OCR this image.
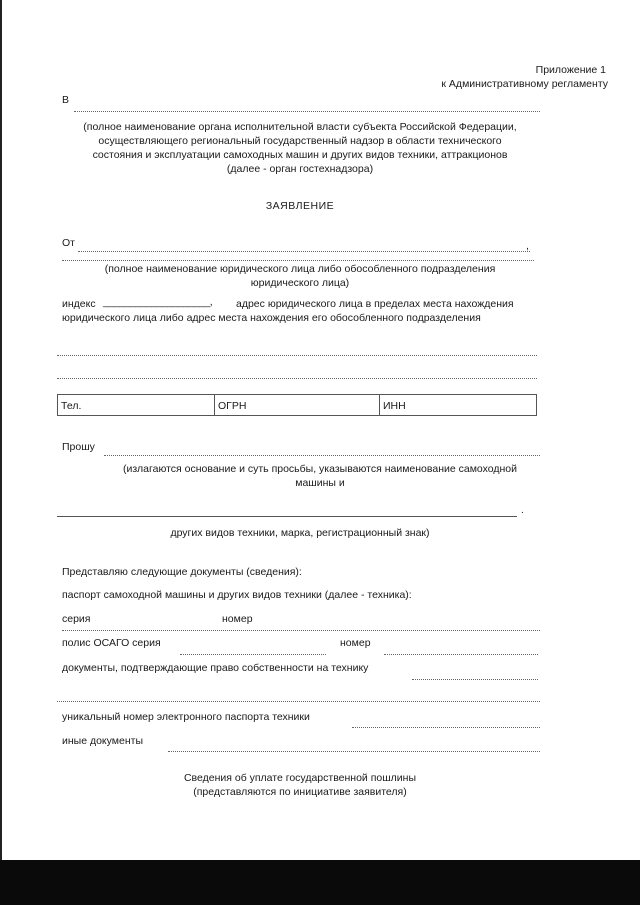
Приложение 1
к Административному регламенту
В
(полное наименование органа исполнительной власти субъекта Российской Федерации,
осуществляющего региональный государственный надзор в области технического
состояния и эксплуатации самоходных машин и других видов техники, аттракционов
(далее - орган гостехнадзора)
ЗАЯВЛЕНИЕ
От	,
(полное наименование юридического лица либо обособленного подразделения
юридического лица)
индекс ____________________, адрес юридического лица в пределах места нахождения
юридического лица либо адрес места нахождения его обособленного подразделения
Тел.	ОГРН	ИНН
Прошу
(излагаются основание и суть просьбы, указываются наименование самоходной
машины и
.
других видов техники, марка, регистрационный знак)
Представляю следующие документы (сведения):
паспорт самоходной машины и других видов техники (далее - техника):
серия	номер
полис ОСАГО серия	номер
документы, подтверждающие право собственности на технику
уникальный номер электронного паспорта техники
иные документы
Сведения об уплате государственной пошлины
(представляются по инициативе заявителя)
